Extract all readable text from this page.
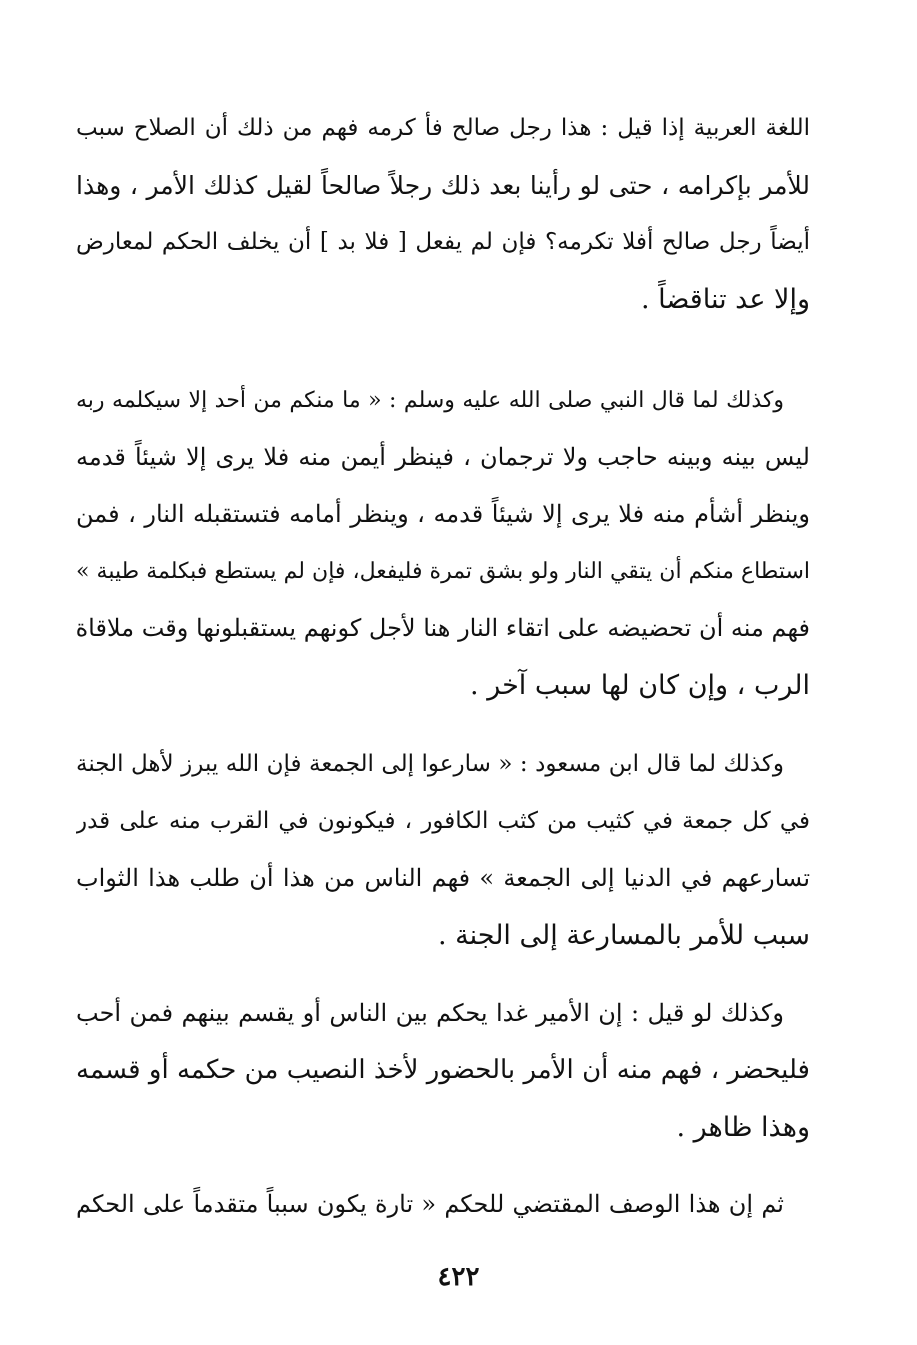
اللغة العربية إذا قيل : هذا رجل صالح فأ كرمه فهم من ذلك أن الصلاح سبب
للأمر بإكرامه ، حتى لو رأينا بعد ذلك رجلاً صالحاً لقيل كذلك الأمر ، وهذا
أيضاً رجل صالح أفلا تكرمه؟ فإن لم يفعل [ فلا بد ] أن يخلف الحكم لمعارض
وإلا عد تناقضاً .
وكذلك لما قال النبي صلى الله عليه وسلم : « ما منكم من أحد إلا سيكلمه ربه
ليس بينه وبينه حاجب ولا ترجمان ، فينظر أيمن منه فلا يرى إلا شيئاً قدمه
وينظر أشأم منه فلا يرى إلا شيئاً قدمه ، وينظر أمامه فتستقبله النار ، فمن
استطاع منكم أن يتقي النار ولو بشق تمرة فليفعل، فإن لم يستطع فبكلمة طيبة »
فهم منه أن تحضيضه على اتقاء النار هنا لأجل كونهم يستقبلونها وقت ملاقاة
الرب ، وإن كان لها سبب آخر .
وكذلك لما قال ابن مسعود : « سارعوا إلى الجمعة فإن الله يبرز لأهل الجنة
في كل جمعة في كثيب من كثب الكافور ، فيكونون في القرب منه على قدر
تسارعهم في الدنيا إلى الجمعة » فهم الناس من هذا أن طلب هذا الثواب
سبب للأمر بالمسارعة إلى الجنة .
وكذلك لو قيل : إن الأمير غدا يحكم بين الناس أو يقسم بينهم فمن أحب
فليحضر ، فهم منه أن الأمر بالحضور لأخذ النصيب من حكمه أو قسمه
وهذا ظاهر .
ثم إن هذا الوصف المقتضي للحكم « تارة يكون سبباً متقدماً على الحكم
٤٢٢
